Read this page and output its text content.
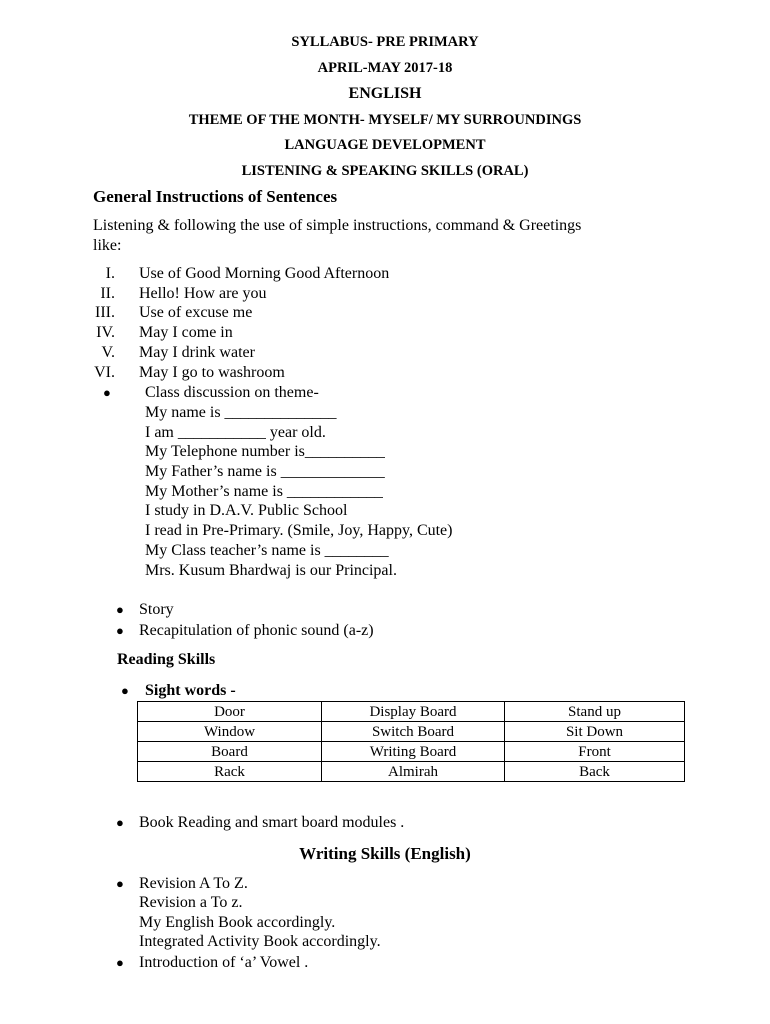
SYLLABUS- PRE PRIMARY
APRIL-MAY 2017-18
ENGLISH
THEME OF THE MONTH- MYSELF/ MY SURROUNDINGS
LANGUAGE DEVELOPMENT
LISTENING & SPEAKING SKILLS (ORAL)
General Instructions of Sentences
Listening & following the use of simple instructions, command & Greetings
like:
I. Use of Good Morning Good Afternoon
II. Hello! How are you
III. Use of excuse me
IV. May I come in
V. May I drink water
VI. May I go to washroom
● Class discussion on theme-
My name is ______________
I am ___________ year old.
My Telephone number is__________
My Father’s name is _____________
My Mother’s name is ____________
I study in D.A.V. Public School
I read in Pre-Primary. (Smile, Joy, Happy, Cute)
My Class teacher’s name is ________
Mrs. Kusum Bhardwaj is our Principal.
● Story
● Recapitulation of phonic sound (a-z)
Reading Skills
● Sight words -
Door	Display Board	Stand up
Window	Switch Board	Sit Down
Board	Writing Board	Front
Rack	Almirah	Back
● Book Reading and smart board modules .
Writing Skills (English)
● Revision A To Z.
Revision a To z.
My English Book accordingly.
Integrated Activity Book accordingly.
● Introduction of ‘a’ Vowel .
